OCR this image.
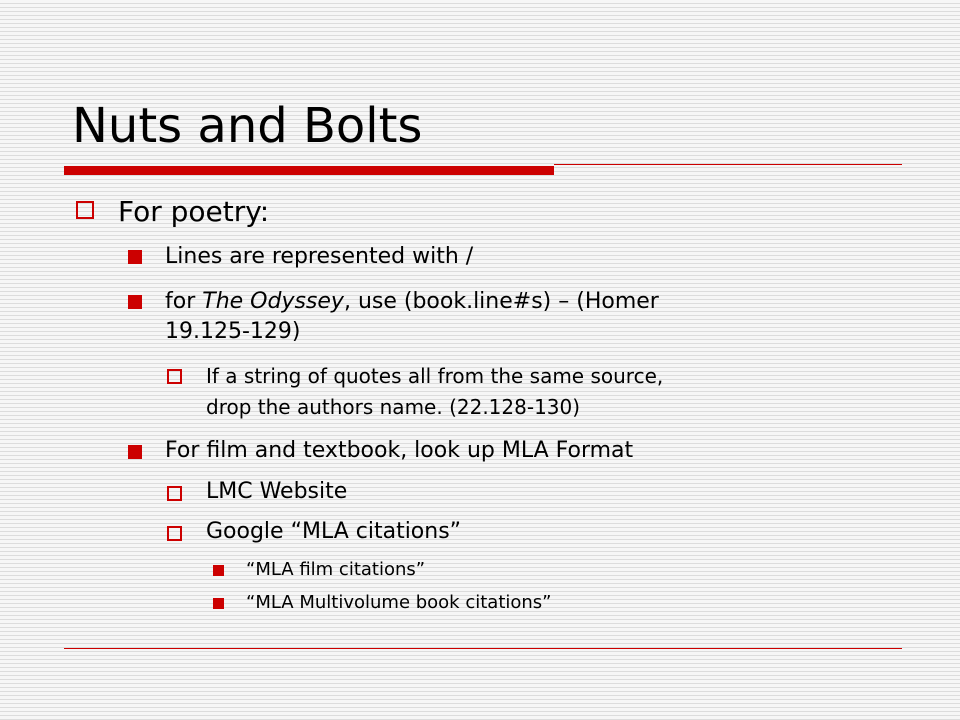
Nuts and Bolts
For poetry:
Lines are represented with /
for The Odyssey, use (book.line#s) – (Homer
19.125-129)
If a string of quotes all from the same source,
drop the authors name. (22.128-130)
For film and textbook, look up MLA Format
LMC Website
Google “MLA citations”
“MLA film citations”
“MLA Multivolume book citations”
